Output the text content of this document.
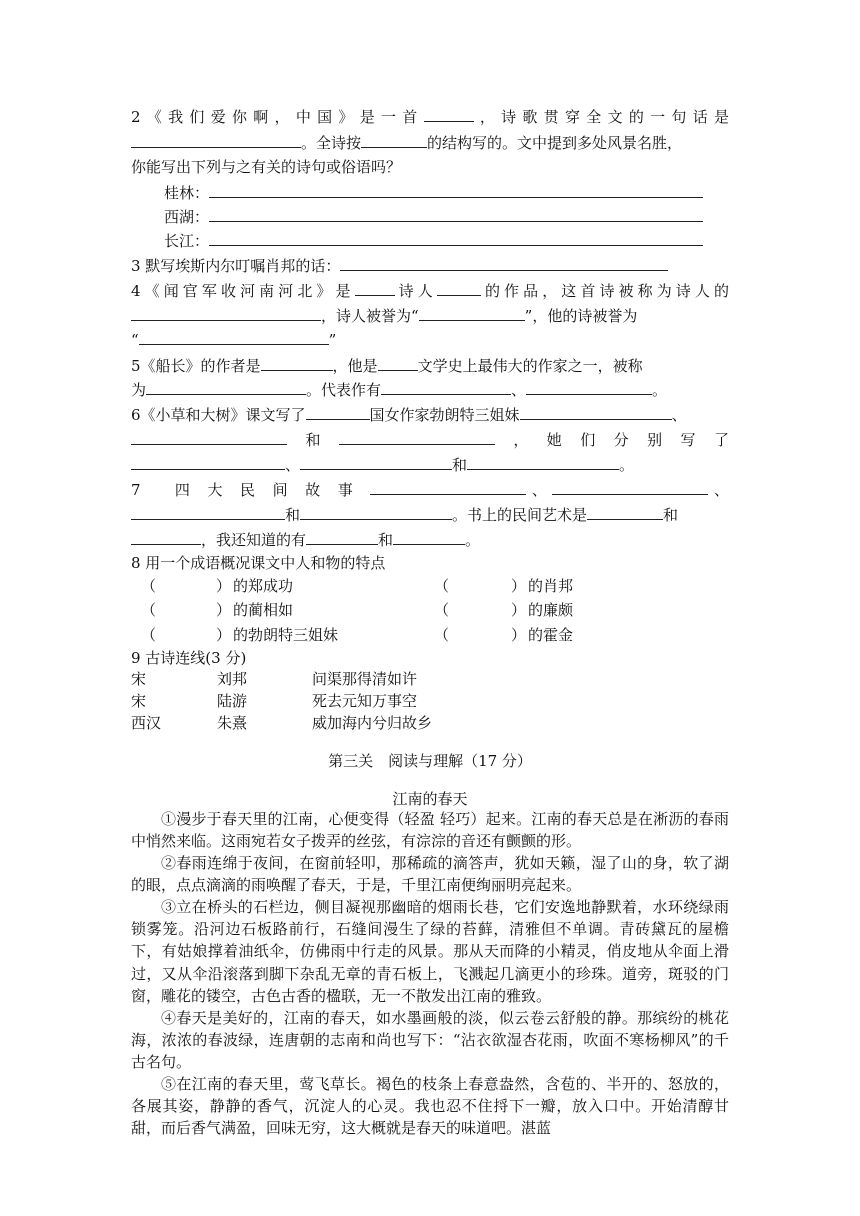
2《我们爱你啊，中国》是一首	，诗歌贯穿全文的一句话是
。全诗按	的结构写的。文中提到多处风景名胜，
你能写出下列与之有关的诗句或俗语吗？
桂林：
西湖：
长江：
3 默写埃斯内尔叮嘱肖邦的话：
4《闻官军收河南河北》是	诗人	的作品，这首诗被称为诗人的
，诗人被誉为“	”，他的诗被誉为
“	”
5《船长》的作者是	，他是	文学史上最伟大的作家之一，被称
为	。代表作有	、	。
6《小草和大树》课文写了	国女作家勃朗特三姐妹	、
和	，她们分别写了
、	和	。
7 四大民间故事	、	、
和	。书上的民间艺术是	和
，我还知道的有	和	。
8 用一个成语概况课文中人和物的特点
（	） 的郑成功	（	） 的肖邦
（	） 的蔺相如	（	） 的廉颇
（	） 的勃朗特三姐妹	（	） 的霍金
9 古诗连线(3 分)
宋	刘邦	问渠那得清如许
宋	陆游	死去元知万事空
西汉	朱熹	威加海内兮归故乡
第三关　阅读与理解（17 分）
江南的春天
①漫步于春天里的江南，心便变得（轻盈 轻巧）起来。江南的春天总是在淅沥的春雨中悄然来临。这雨宛若女子拨弄的丝弦，有淙淙的音还有颤颤的形。
②春雨连绵于夜间，在窗前轻叩，那稀疏的滴答声，犹如天籁，湿了山的身，软了湖的眼，点点滴滴的雨唤醒了春天，于是，千里江南便绚丽明亮起来。
③立在桥头的石栏边，侧目凝视那幽暗的烟雨长巷，它们安逸地静默着，水环绕绿雨锁雾笼。沿河边石板路前行，石缝间漫生了绿的苔藓，清雅但不单调。青砖黛瓦的屋檐下，有姑娘撑着油纸伞，仿佛雨中行走的风景。那从天而降的小精灵，俏皮地从伞面上滑过，又从伞沿滚落到脚下杂乱无章的青石板上，飞溅起几滴更小的珍珠。道旁，斑驳的门窗，雕花的镂空，古色古香的楹联，无一不散发出江南的雅致。
④春天是美好的，江南的春天，如水墨画般的淡，似云卷云舒般的静。那缤纷的桃花海，浓浓的春波绿，连唐朝的志南和尚也写下：“沾衣欲湿杏花雨，吹面不寒杨柳风”的千古名句。
⑤在江南的春天里，莺飞草长。褐色的枝条上春意盎然，含苞的、半开的、怒放的，各展其姿，静静的香气，沉淀人的心灵。我也忍不住捋下一瓣，放入口中。开始清醇甘甜，而后香气满盈，回味无穷，这大概就是春天的味道吧。湛蓝
